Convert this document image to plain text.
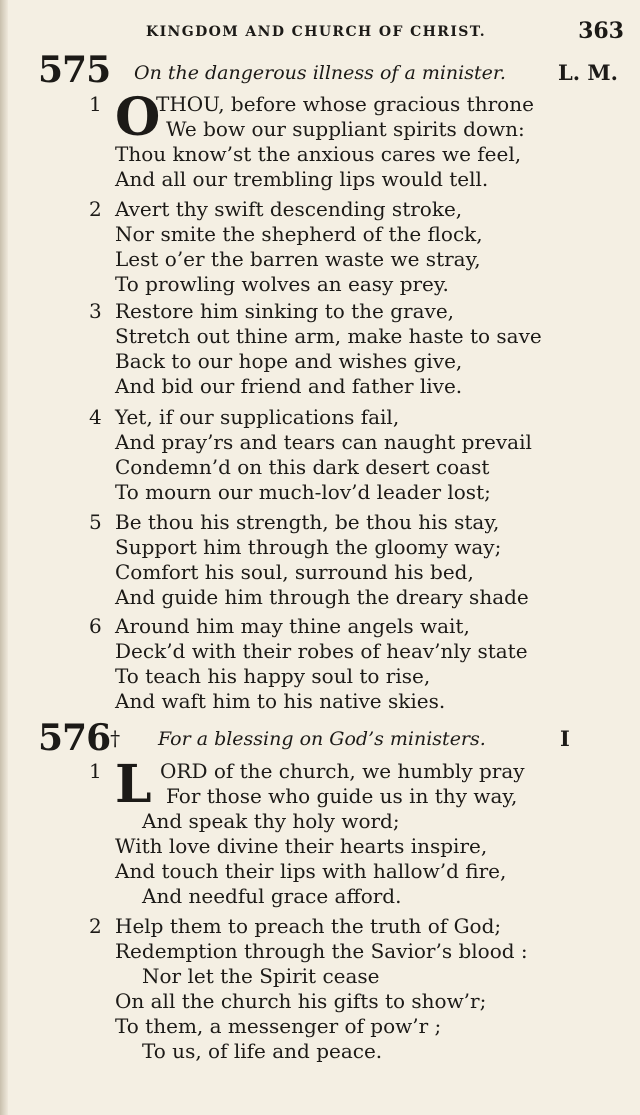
KINGDOM AND CHURCH OF CHRIST.	363
575 On the dangerous illness of a minister. L. M.
1 O
THOU, before whose gracious throne
We bow our suppliant spirits down:
Thou know’st the anxious cares we feel,
And all our trembling lips would tell.
2 Avert thy swift descending stroke,
Nor smite the shepherd of the flock,
Lest o’er the barren waste we stray,
To prowling wolves an easy prey.
3 Restore him sinking to the grave,
Stretch out thine arm, make haste to save
Back to our hope and wishes give,
And bid our friend and father live.
4 Yet, if our supplications fail,
And pray’rs and tears can naught prevail
Condemn’d on this dark desert coast
To mourn our much-lov’d leader lost;
5 Be thou his strength, be thou his stay,
Support him through the gloomy way;
Comfort his soul, surround his bed,
And guide him through the dreary shade
6 Around him may thine angels wait,
Deck’d with their robes of heav’nly state
To teach his happy soul to rise,
And waft him to his native skies.
576† For a blessing on God’s ministers.	I
1 L ORD of the church, we humbly pray
For those who guide us in thy way,
And speak thy holy word;
With love divine their hearts inspire,
And touch their lips with hallow’d fire,
And needful grace afford.
2 Help them to preach the truth of God;
Redemption through the Savior’s blood :
Nor let the Spirit cease
On all the church his gifts to show’r;
To them, a messenger of pow’r ;
To us, of life and peace.
